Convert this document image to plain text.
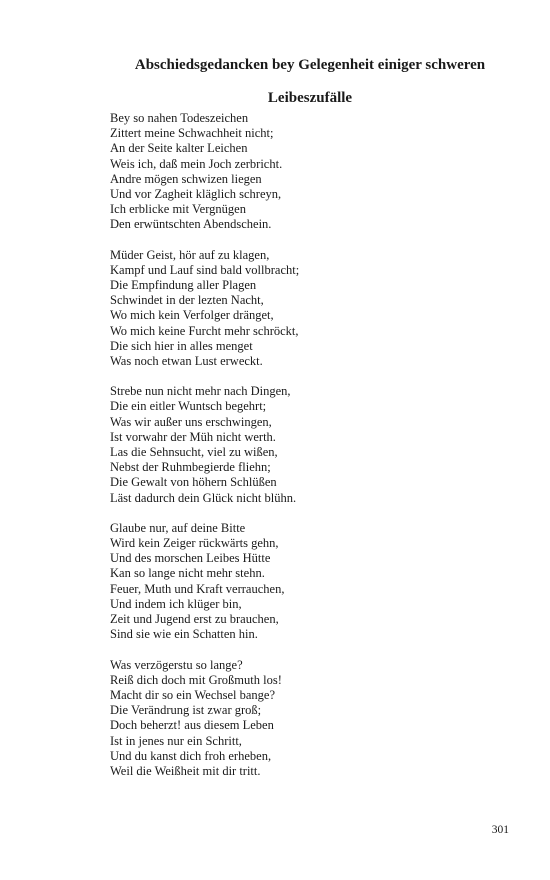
Abschiedsgedancken bey Gelegenheit einiger schweren
Leibeszufälle
Bey so nahen Todeszeichen
Zittert meine Schwachheit nicht;
An der Seite kalter Leichen
Weis ich, daß mein Joch zerbricht.
Andre mögen schwizen liegen
Und vor Zagheit kläglich schreyn,
Ich erblicke mit Vergnügen
Den erwüntschten Abendschein.
Müder Geist, hör auf zu klagen,
Kampf und Lauf sind bald vollbracht;
Die Empfindung aller Plagen
Schwindet in der lezten Nacht,
Wo mich kein Verfolger dränget,
Wo mich keine Furcht mehr schröckt,
Die sich hier in alles menget
Was noch etwan Lust erweckt.
Strebe nun nicht mehr nach Dingen,
Die ein eitler Wuntsch begehrt;
Was wir außer uns erschwingen,
Ist vorwahr der Müh nicht werth.
Las die Sehnsucht, viel zu wißen,
Nebst der Ruhmbegierde fliehn;
Die Gewalt von höhern Schlüßen
Läst dadurch dein Glück nicht blühn.
Glaube nur, auf deine Bitte
Wird kein Zeiger rückwärts gehn,
Und des morschen Leibes Hütte
Kan so lange nicht mehr stehn.
Feuer, Muth und Kraft verrauchen,
Und indem ich klüger bin,
Zeit und Jugend erst zu brauchen,
Sind sie wie ein Schatten hin.
Was verzögerstu so lange?
Reiß dich doch mit Großmuth los!
Macht dir so ein Wechsel bange?
Die Verändrung ist zwar groß;
Doch beherzt! aus diesem Leben
Ist in jenes nur ein Schritt,
Und du kanst dich froh erheben,
Weil die Weißheit mit dir tritt.
301
